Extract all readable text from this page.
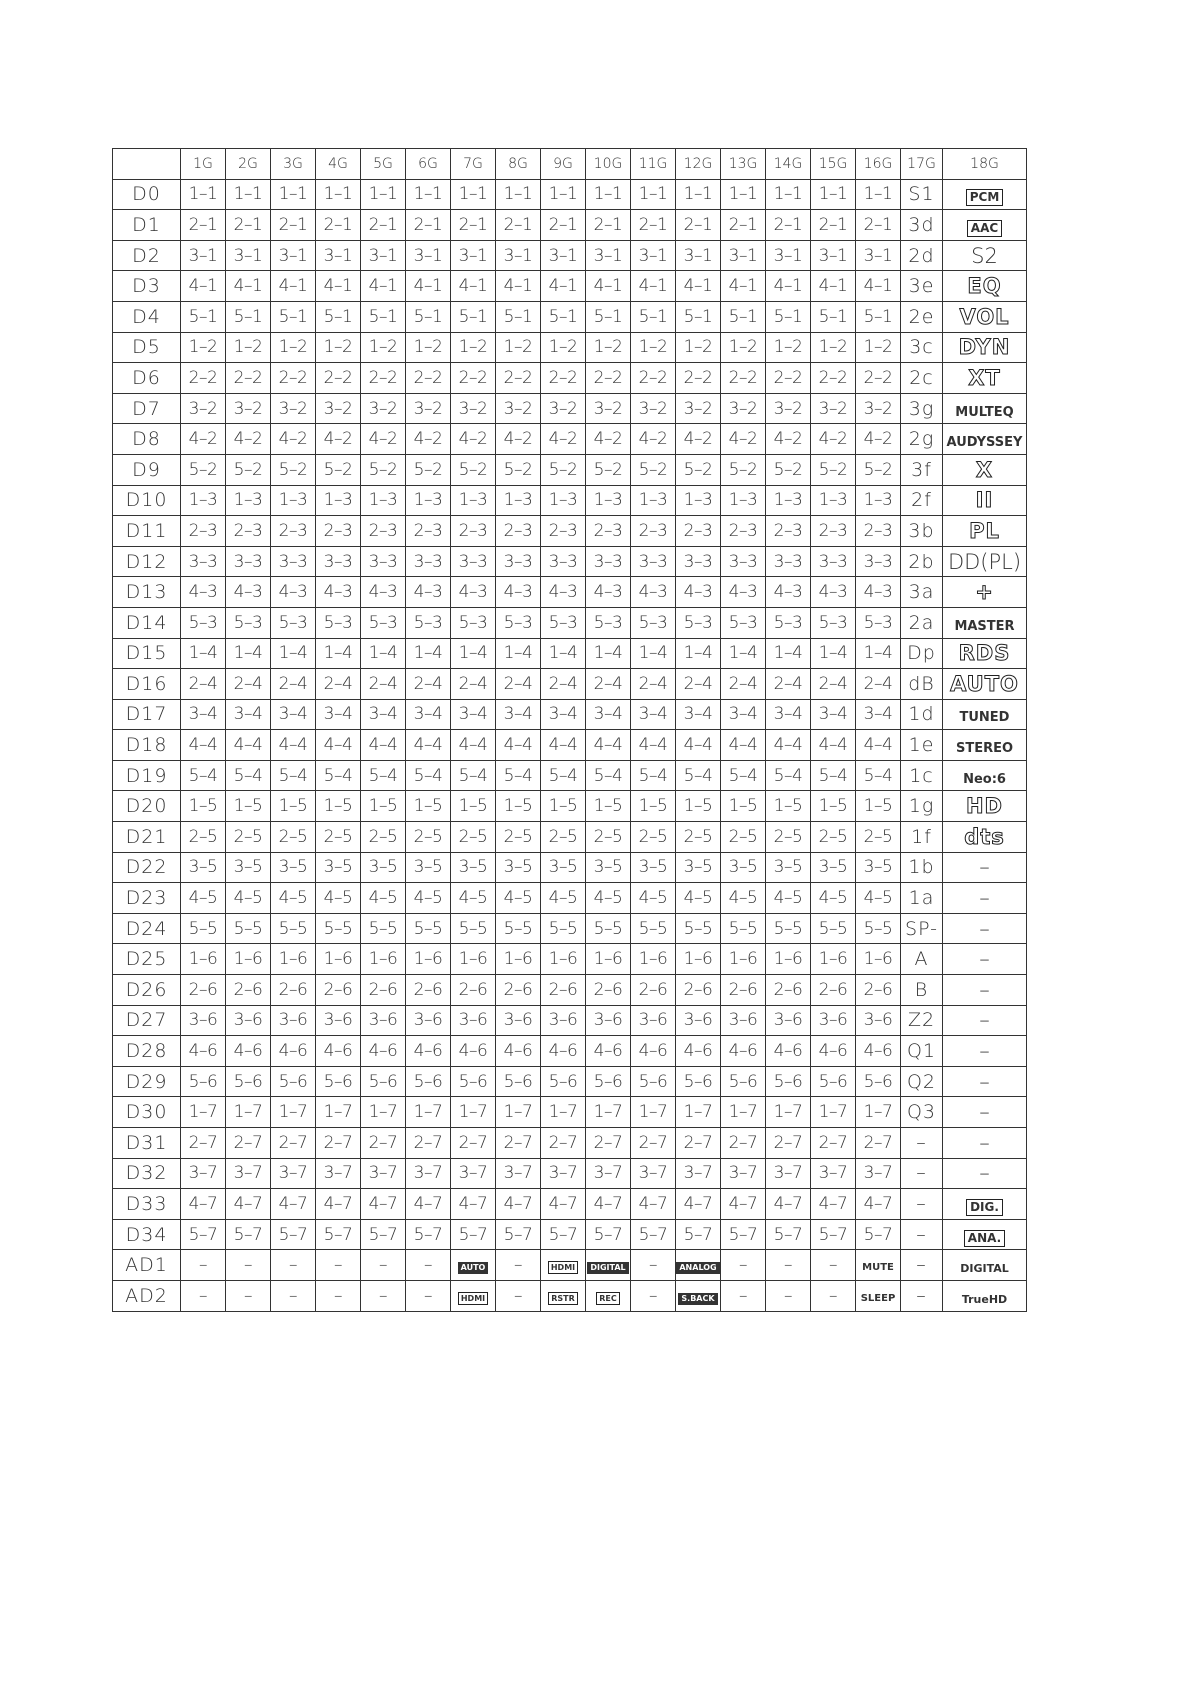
	1G	2G	3G	4G	5G	6G	7G	8G	9G	10G	11G	12G	13G	14G	15G	16G	17G	18G
D0	1–1	1–1	1–1	1–1	1–1	1–1	1–1	1–1	1–1	1–1	1–1	1–1	1–1	1–1	1–1	1–1	S1	PCM
D1	2–1	2–1	2–1	2–1	2–1	2–1	2–1	2–1	2–1	2–1	2–1	2–1	2–1	2–1	2–1	2–1	3d	AAC
D2	3–1	3–1	3–1	3–1	3–1	3–1	3–1	3–1	3–1	3–1	3–1	3–1	3–1	3–1	3–1	3–1	2d	S2
D3	4–1	4–1	4–1	4–1	4–1	4–1	4–1	4–1	4–1	4–1	4–1	4–1	4–1	4–1	4–1	4–1	3e	EQ
D4	5–1	5–1	5–1	5–1	5–1	5–1	5–1	5–1	5–1	5–1	5–1	5–1	5–1	5–1	5–1	5–1	2e	VOL
D5	1–2	1–2	1–2	1–2	1–2	1–2	1–2	1–2	1–2	1–2	1–2	1–2	1–2	1–2	1–2	1–2	3c	DYN
D6	2–2	2–2	2–2	2–2	2–2	2–2	2–2	2–2	2–2	2–2	2–2	2–2	2–2	2–2	2–2	2–2	2c	XT
D7	3–2	3–2	3–2	3–2	3–2	3–2	3–2	3–2	3–2	3–2	3–2	3–2	3–2	3–2	3–2	3–2	3g	MULTEQ
D8	4–2	4–2	4–2	4–2	4–2	4–2	4–2	4–2	4–2	4–2	4–2	4–2	4–2	4–2	4–2	4–2	2g	AUDYSSEY
D9	5–2	5–2	5–2	5–2	5–2	5–2	5–2	5–2	5–2	5–2	5–2	5–2	5–2	5–2	5–2	5–2	3f	X
D10	1–3	1–3	1–3	1–3	1–3	1–3	1–3	1–3	1–3	1–3	1–3	1–3	1–3	1–3	1–3	1–3	2f	II
D11	2–3	2–3	2–3	2–3	2–3	2–3	2–3	2–3	2–3	2–3	2–3	2–3	2–3	2–3	2–3	2–3	3b	PL
D12	3–3	3–3	3–3	3–3	3–3	3–3	3–3	3–3	3–3	3–3	3–3	3–3	3–3	3–3	3–3	3–3	2b	DD(PL)
D13	4–3	4–3	4–3	4–3	4–3	4–3	4–3	4–3	4–3	4–3	4–3	4–3	4–3	4–3	4–3	4–3	3a	+
D14	5–3	5–3	5–3	5–3	5–3	5–3	5–3	5–3	5–3	5–3	5–3	5–3	5–3	5–3	5–3	5–3	2a	MASTER
D15	1–4	1–4	1–4	1–4	1–4	1–4	1–4	1–4	1–4	1–4	1–4	1–4	1–4	1–4	1–4	1–4	Dp	RDS
D16	2–4	2–4	2–4	2–4	2–4	2–4	2–4	2–4	2–4	2–4	2–4	2–4	2–4	2–4	2–4	2–4	dB	AUTO
D17	3–4	3–4	3–4	3–4	3–4	3–4	3–4	3–4	3–4	3–4	3–4	3–4	3–4	3–4	3–4	3–4	1d	TUNED
D18	4–4	4–4	4–4	4–4	4–4	4–4	4–4	4–4	4–4	4–4	4–4	4–4	4–4	4–4	4–4	4–4	1e	STEREO
D19	5–4	5–4	5–4	5–4	5–4	5–4	5–4	5–4	5–4	5–4	5–4	5–4	5–4	5–4	5–4	5–4	1c	Neo:6
D20	1–5	1–5	1–5	1–5	1–5	1–5	1–5	1–5	1–5	1–5	1–5	1–5	1–5	1–5	1–5	1–5	1g	HD
D21	2–5	2–5	2–5	2–5	2–5	2–5	2–5	2–5	2–5	2–5	2–5	2–5	2–5	2–5	2–5	2–5	1f	dts
D22	3–5	3–5	3–5	3–5	3–5	3–5	3–5	3–5	3–5	3–5	3–5	3–5	3–5	3–5	3–5	3–5	1b	–
D23	4–5	4–5	4–5	4–5	4–5	4–5	4–5	4–5	4–5	4–5	4–5	4–5	4–5	4–5	4–5	4–5	1a	–
D24	5–5	5–5	5–5	5–5	5–5	5–5	5–5	5–5	5–5	5–5	5–5	5–5	5–5	5–5	5–5	5–5	SP-	–
D25	1–6	1–6	1–6	1–6	1–6	1–6	1–6	1–6	1–6	1–6	1–6	1–6	1–6	1–6	1–6	1–6	A	–
D26	2–6	2–6	2–6	2–6	2–6	2–6	2–6	2–6	2–6	2–6	2–6	2–6	2–6	2–6	2–6	2–6	B	–
D27	3–6	3–6	3–6	3–6	3–6	3–6	3–6	3–6	3–6	3–6	3–6	3–6	3–6	3–6	3–6	3–6	Z2	–
D28	4–6	4–6	4–6	4–6	4–6	4–6	4–6	4–6	4–6	4–6	4–6	4–6	4–6	4–6	4–6	4–6	Q1	–
D29	5–6	5–6	5–6	5–6	5–6	5–6	5–6	5–6	5–6	5–6	5–6	5–6	5–6	5–6	5–6	5–6	Q2	–
D30	1–7	1–7	1–7	1–7	1–7	1–7	1–7	1–7	1–7	1–7	1–7	1–7	1–7	1–7	1–7	1–7	Q3	–
D31	2–7	2–7	2–7	2–7	2–7	2–7	2–7	2–7	2–7	2–7	2–7	2–7	2–7	2–7	2–7	2–7	–	–
D32	3–7	3–7	3–7	3–7	3–7	3–7	3–7	3–7	3–7	3–7	3–7	3–7	3–7	3–7	3–7	3–7	–	–
D33	4–7	4–7	4–7	4–7	4–7	4–7	4–7	4–7	4–7	4–7	4–7	4–7	4–7	4–7	4–7	4–7	–	DIG.
D34	5–7	5–7	5–7	5–7	5–7	5–7	5–7	5–7	5–7	5–7	5–7	5–7	5–7	5–7	5–7	5–7	–	ANA.
AD1	–	–	–	–	–	–	AUTO	–	HDMI	DIGITAL	–	ANALOG	–	–	–	MUTE	–	DIGITAL
AD2	–	–	–	–	–	–	HDMI	–	RSTR	REC	–	S.BACK	–	–	–	SLEEP	–	TrueHD
